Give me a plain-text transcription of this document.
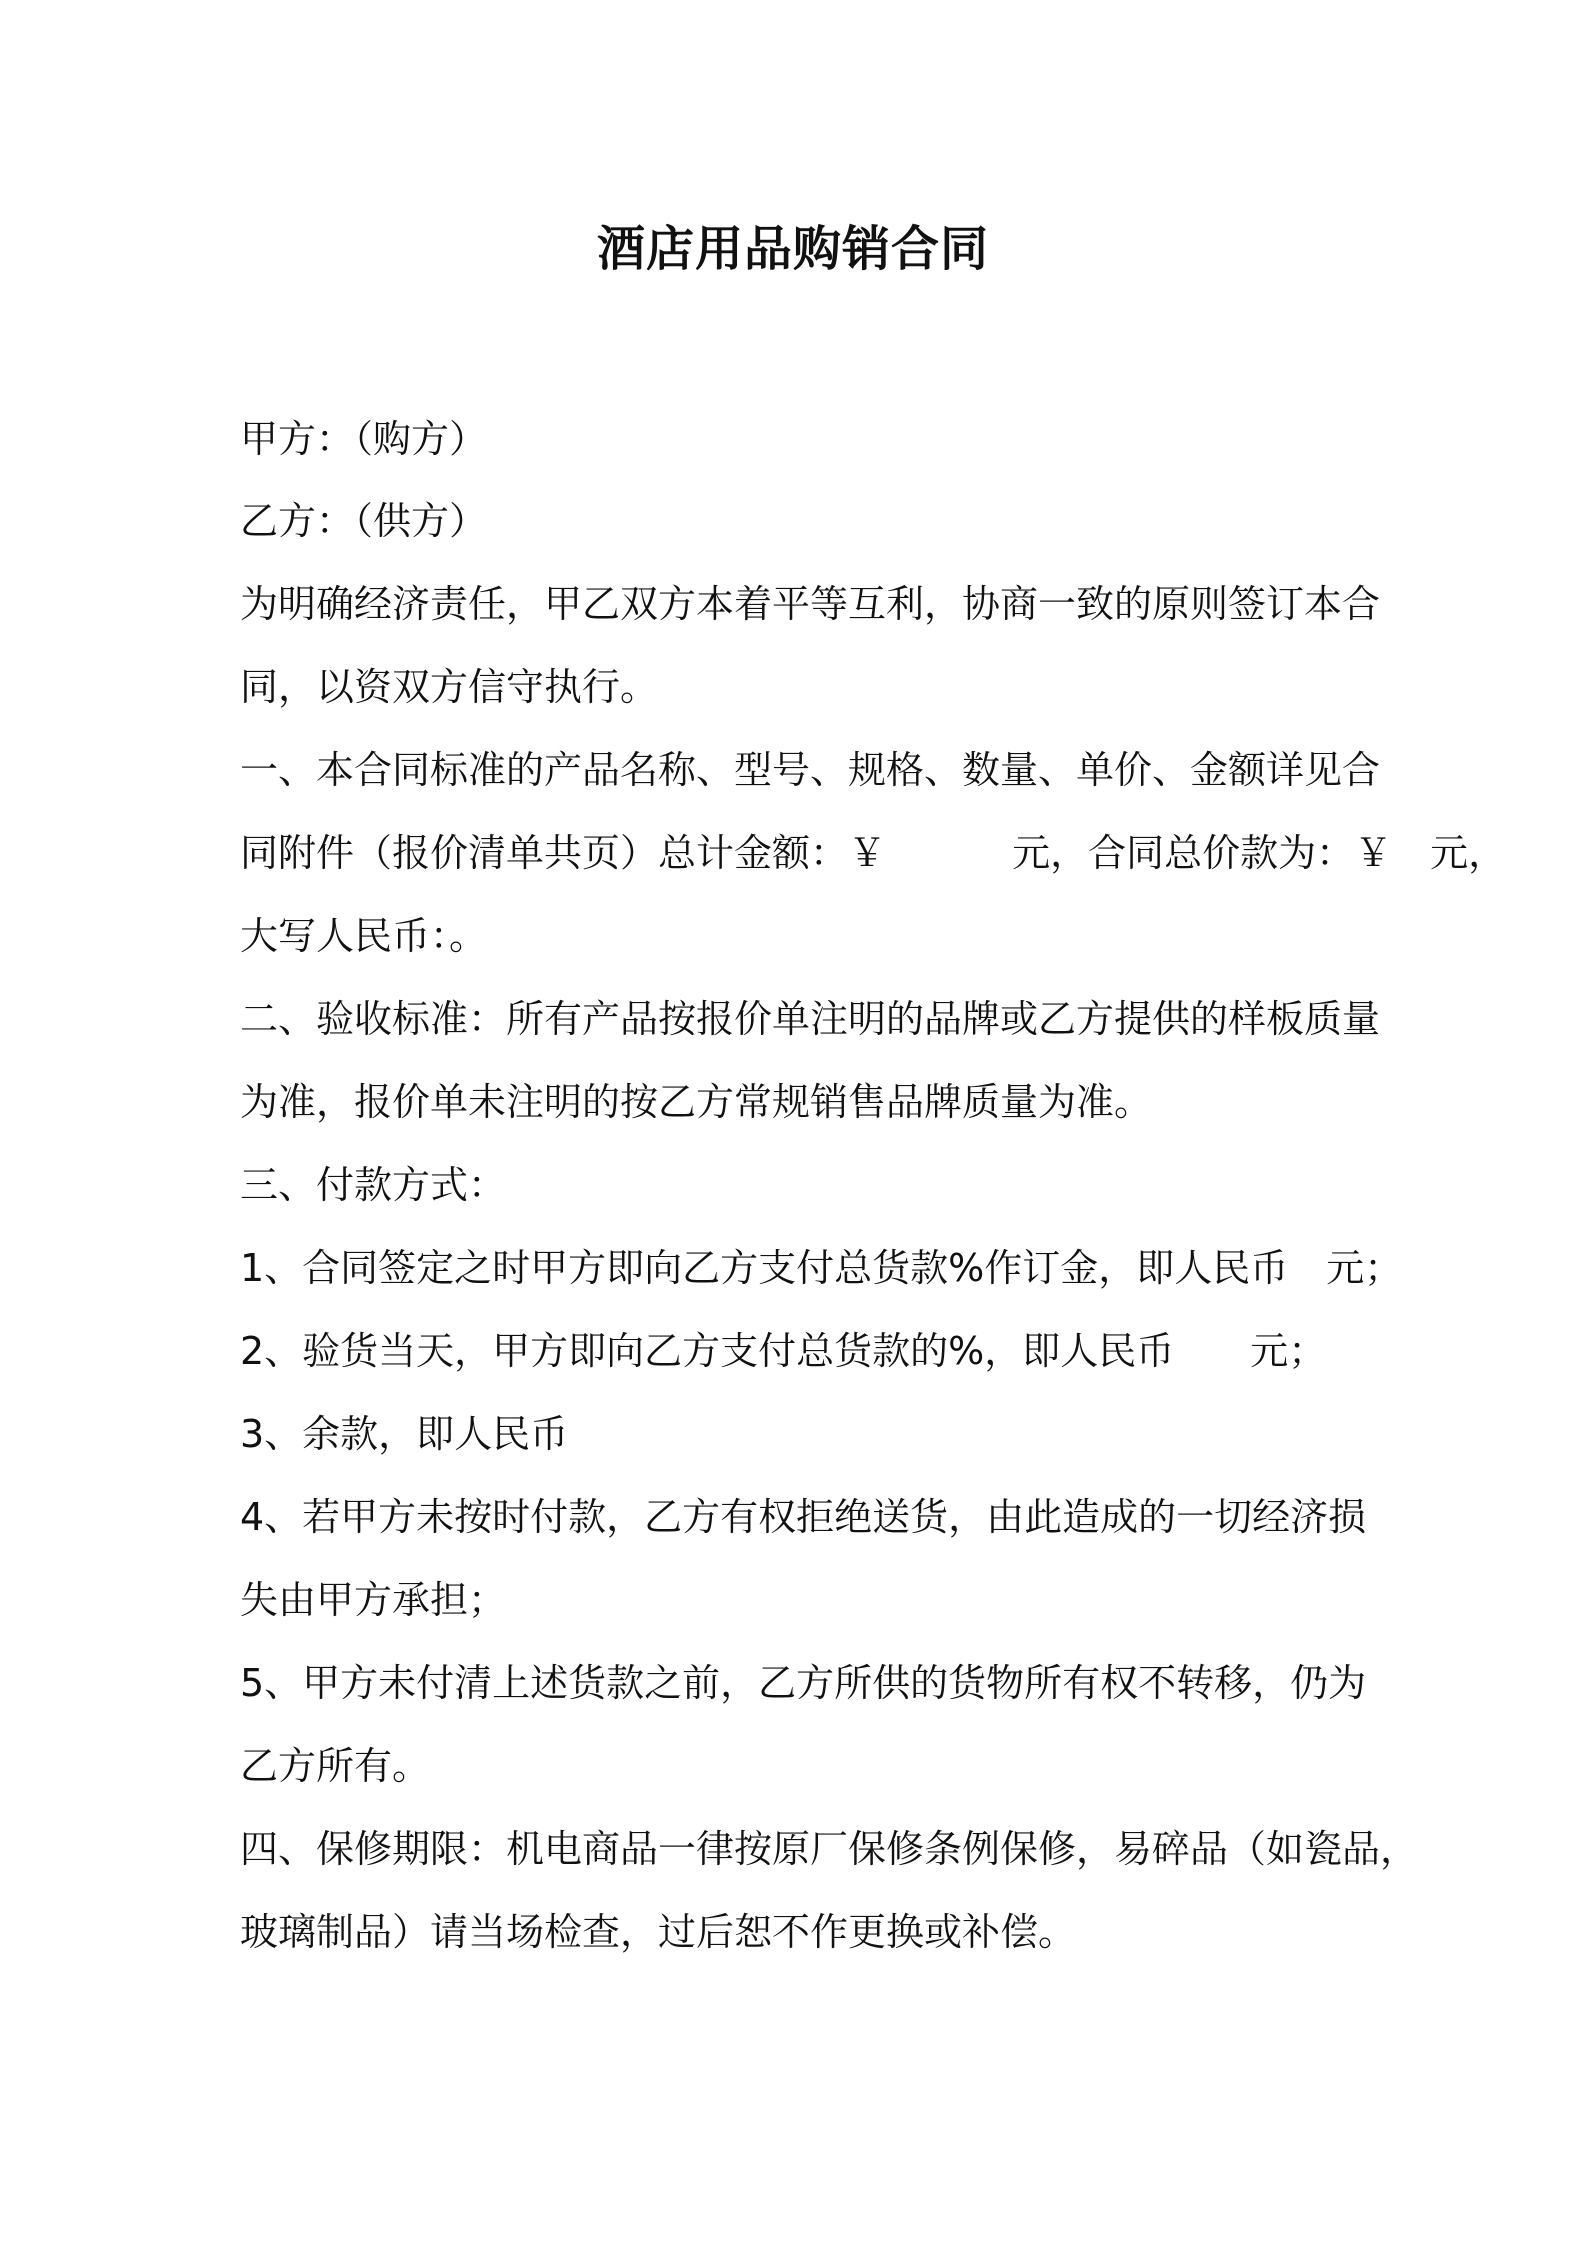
酒店用品购销合同
甲方：（购方）
乙方：（供方）
为明确经济责任，甲乙双方本着平等互利，协商一致的原则签订本合
同，以资双方信守执行。
一、本合同标准的产品名称、型号、规格、数量、单价、金额详见合
同附件（报价清单共页）总计金额：￥　　　 元，合同总价款为：￥　元，
大写人民币：。
二、验收标准：所有产品按报价单注明的品牌或乙方提供的样板质量
为准，报价单未注明的按乙方常规销售品牌质量为准。
三、付款方式：
1、合同签定之时甲方即向乙方支付总货款%作订金，即人民币　元；
2、验货当天，甲方即向乙方支付总货款的%，即人民币　　元；
3、余款，即人民币
4、若甲方未按时付款，乙方有权拒绝送货，由此造成的一切经济损
失由甲方承担；
5、甲方未付清上述货款之前，乙方所供的货物所有权不转移，仍为
乙方所有。
四、保修期限：机电商品一律按原厂保修条例保修，易碎品（如瓷品，
玻璃制品）请当场检查，过后恕不作更换或补偿。
